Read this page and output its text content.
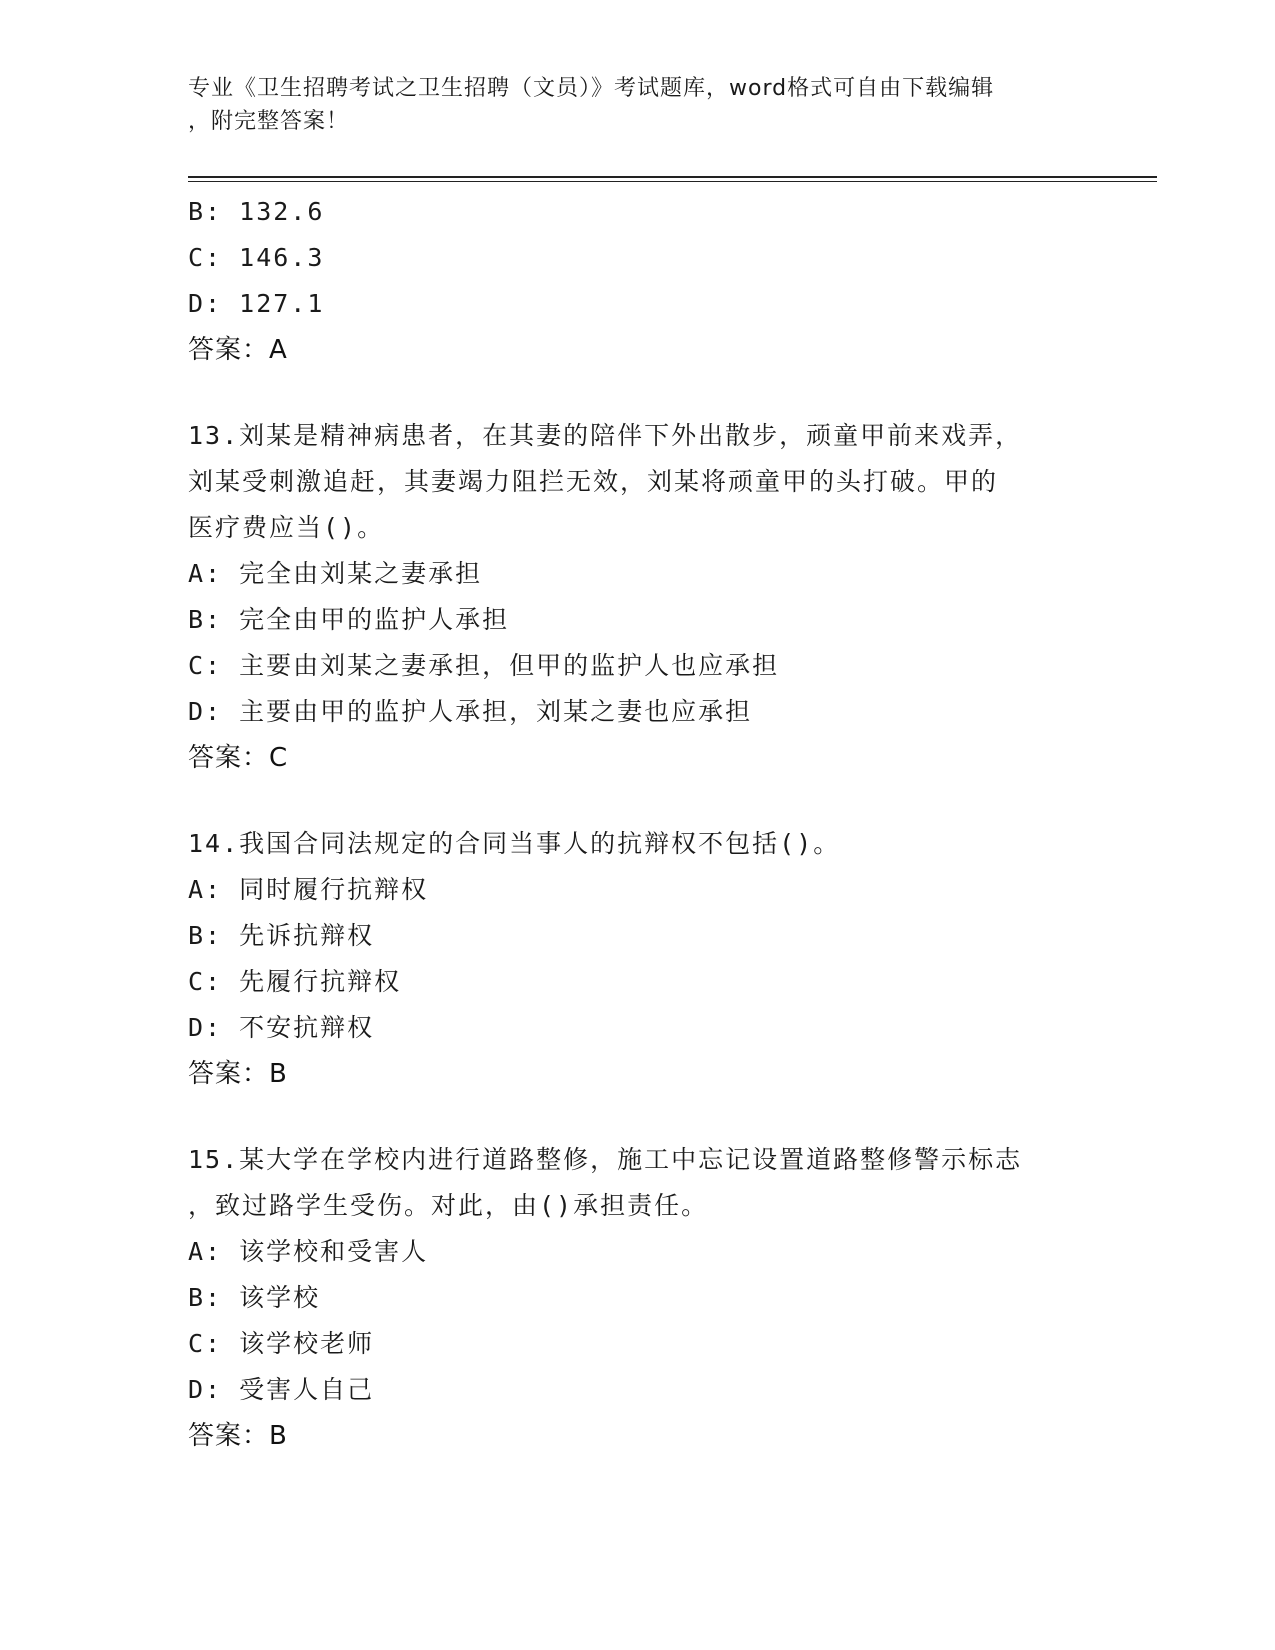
专业《卫生招聘考试之卫生招聘（文员）》考试题库，word格式可自由下载编辑
，附完整答案！
B: 132.6
C: 146.3
D: 127.1
答案：A
13.刘某是精神病患者，在其妻的陪伴下外出散步，顽童甲前来戏弄，
刘某受刺激追赶，其妻竭力阻拦无效，刘某将顽童甲的头打破。甲的
医疗费应当()。
A: 完全由刘某之妻承担
B: 完全由甲的监护人承担
C: 主要由刘某之妻承担，但甲的监护人也应承担
D: 主要由甲的监护人承担，刘某之妻也应承担
答案：C
14.我国合同法规定的合同当事人的抗辩权不包括()。
A: 同时履行抗辩权
B: 先诉抗辩权
C: 先履行抗辩权
D: 不安抗辩权
答案：B
15.某大学在学校内进行道路整修，施工中忘记设置道路整修警示标志
，致过路学生受伤。对此，由()承担责任。
A: 该学校和受害人
B: 该学校
C: 该学校老师
D: 受害人自己
答案：B
